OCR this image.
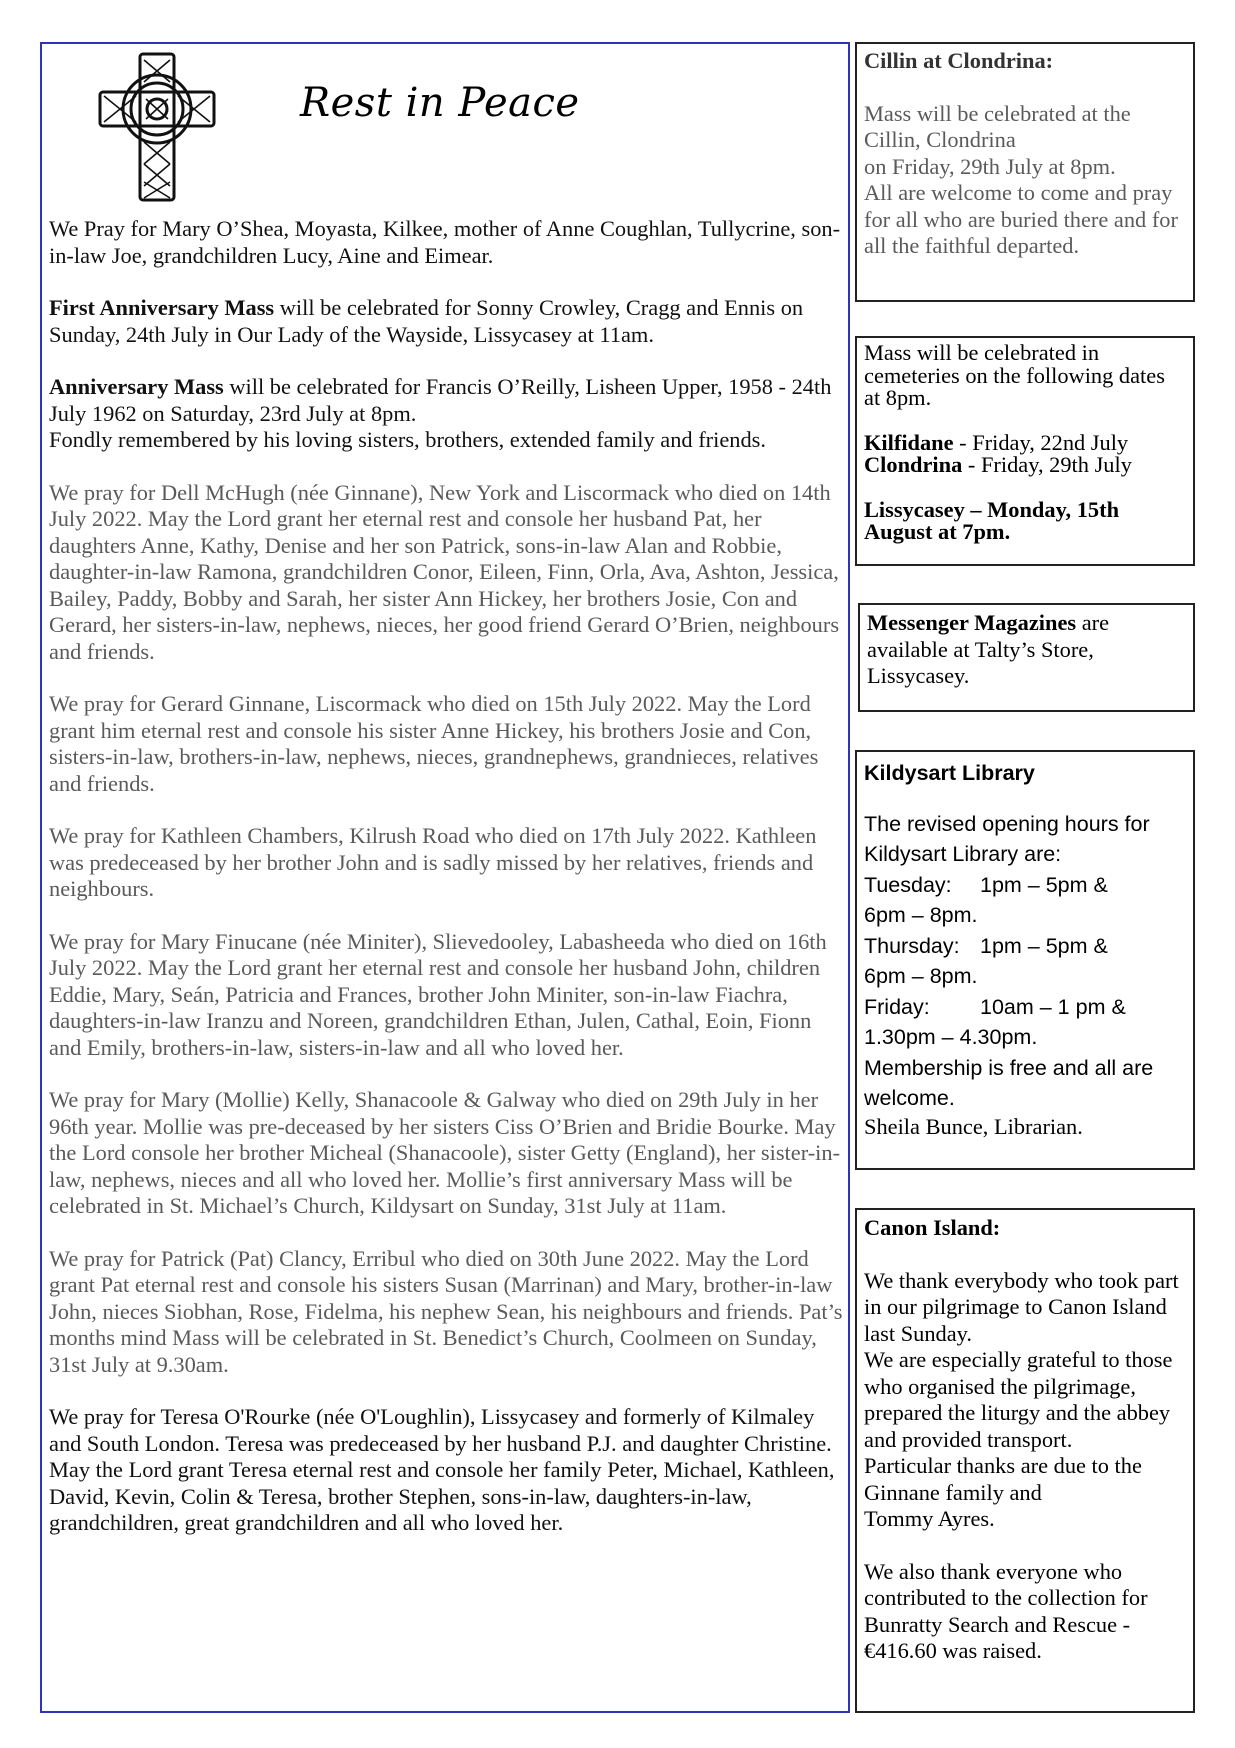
Rest in Peace

We Pray for Mary O’Shea, Moyasta, Kilkee, mother of Anne Coughlan, Tullycrine, son-in-law Joe, grandchildren Lucy, Aine and Eimear.

First Anniversary Mass will be celebrated for Sonny Crowley, Cragg and Ennis on Sunday, 24th July in Our Lady of the Wayside, Lissycasey at 11am.

Anniversary Mass will be celebrated for Francis O’Reilly, Lisheen Upper, 1958 - 24th July 1962 on Saturday, 23rd July at 8pm.
Fondly remembered by his loving sisters, brothers, extended family and friends.

We pray for Dell McHugh (née Ginnane), New York and Liscormack who died on 14th July 2022. May the Lord grant her eternal rest and console her husband Pat, her daughters Anne, Kathy, Denise and her son Patrick, sons-in-law Alan and Robbie, daughter-in-law Ramona, grandchildren Conor, Eileen, Finn, Orla, Ava, Ashton, Jessica, Bailey, Paddy, Bobby and Sarah, her sister Ann Hickey, her brothers Josie, Con and Gerard, her sisters-in-law, nephews, nieces, her good friend Gerard O’Brien, neighbours and friends.

We pray for Gerard Ginnane, Liscormack who died on 15th July 2022. May the Lord grant him eternal rest and console his sister Anne Hickey, his brothers Josie and Con, sisters-in-law, brothers-in-law, nephews, nieces, grandnephews, grandnieces, relatives and friends.

We pray for Kathleen Chambers, Kilrush Road who died on 17th July 2022. Kathleen was predeceased by her brother John and is sadly missed by her relatives, friends and neighbours.

We pray for Mary Finucane (née Miniter), Slievedooley, Labasheeda who died on 16th July 2022. May the Lord grant her eternal rest and console her husband John, children Eddie, Mary, Seán, Patricia and Frances, brother John Miniter, son-in-law Fiachra, daughters-in-law Iranzu and Noreen, grandchildren Ethan, Julen, Cathal, Eoin, Fionn and Emily, brothers-in-law, sisters-in-law and all who loved her.

We pray for Mary (Mollie) Kelly, Shanacoole & Galway who died on 29th July in her 96th year. Mollie was pre-deceased by her sisters Ciss O’Brien and Bridie Bourke. May the Lord console her brother Micheal (Shanacoole), sister Getty (England), her sister-in-law, nephews, nieces and all who loved her. Mollie’s first anniversary Mass will be celebrated in St. Michael’s Church, Kildysart on Sunday, 31st July at 11am.

We pray for Patrick (Pat) Clancy, Erribul who died on 30th June 2022. May the Lord grant Pat eternal rest and console his sisters Susan (Marrinan) and Mary, brother-in-law John, nieces Siobhan, Rose, Fidelma, his nephew Sean, his neighbours and friends. Pat’s months mind Mass will be celebrated in St. Benedict’s Church, Coolmeen on Sunday, 31st July at 9.30am.

We pray for Teresa O'Rourke (née O'Loughlin), Lissycasey and formerly of Kilmaley and South London. Teresa was predeceased by her husband P.J. and daughter Christine. May the Lord grant Teresa eternal rest and console her family Peter, Michael, Kathleen, David, Kevin, Colin & Teresa, brother Stephen, sons-in-law, daughters-in-law, grandchildren, great grandchildren and all who loved her.

Cillin at Clondrina:

Mass will be celebrated at the Cillin, Clondrina

on Friday, 29th July at 8pm.

All are welcome to come and pray for all who are buried there and for all the faithful departed.

Mass will be celebrated in cemeteries on the following dates at 8pm.

Kilfidane - Friday, 22nd July

Clondrina - Friday, 29th July

Lissycasey – Monday, 15th August at 7pm.

Messenger Magazines are available at Talty’s Store, Lissycasey.

Kildysart Library

The revised opening hours for Kildysart Library are:

Tuesday: 1pm – 5pm &

6pm – 8pm.

Thursday: 1pm – 5pm &

6pm – 8pm.

Friday: 10am – 1 pm &

1.30pm – 4.30pm.

Membership is free and all are welcome.

Sheila Bunce, Librarian.

Canon Island:

We thank everybody who took part in our pilgrimage to Canon Island last Sunday.

We are especially grateful to those who organised the pilgrimage, prepared the liturgy and the abbey and provided transport.

Particular thanks are due to the Ginnane family and

Tommy Ayres.

We also thank everyone who contributed to the collection for Bunratty Search and Rescue - €416.60 was raised.
